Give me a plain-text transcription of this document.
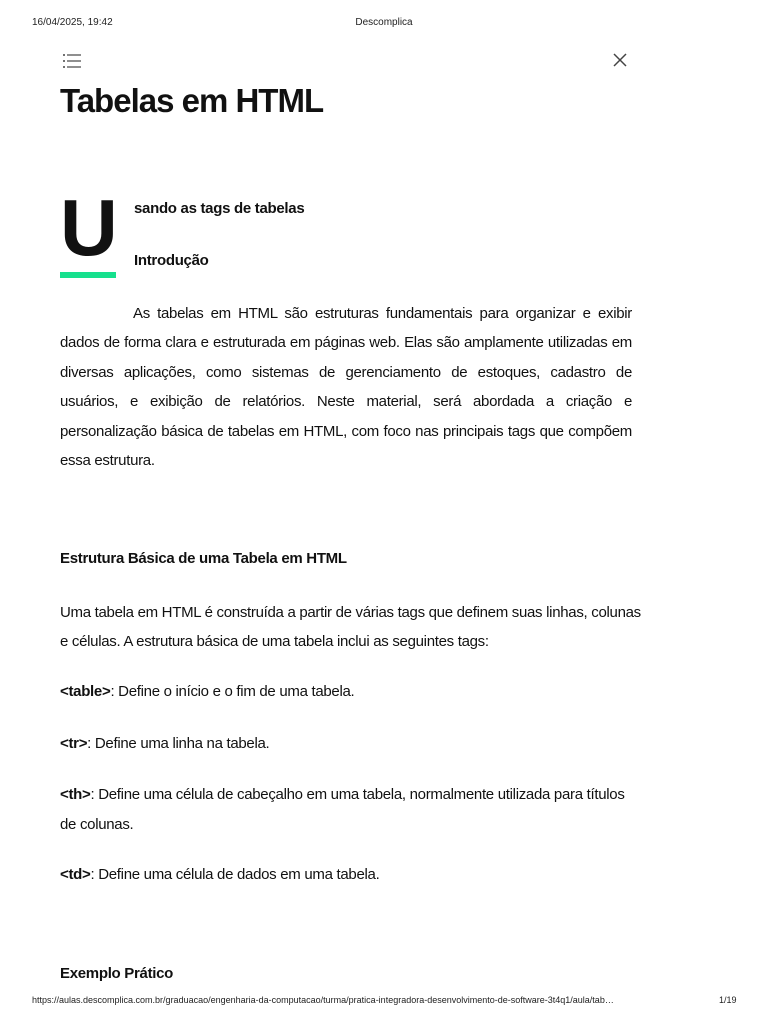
16/04/2025, 19:42	Descomplica
Tabelas em HTML
U sando as tags de tabelas
Introdução

As tabelas em HTML são estruturas fundamentais para organizar e exibir dados de forma clara e estruturada em páginas web. Elas são amplamente utilizadas em diversas aplicações, como sistemas de gerenciamento de estoques, cadastro de usuários, e exibição de relatórios. Neste material, será abordada a criação e personalização básica de tabelas em HTML, com foco nas principais tags que compõem essa estrutura.

Estrutura Básica de uma Tabela em HTML

Uma tabela em HTML é construída a partir de várias tags que definem suas linhas, colunas e células. A estrutura básica de uma tabela inclui as seguintes tags:

<table>: Define o início e o fim de uma tabela.

<tr>: Define uma linha na tabela.

<th>: Define uma célula de cabeçalho em uma tabela, normalmente utilizada para títulos de colunas.

<td>: Define uma célula de dados em uma tabela.

Exemplo Prático
https://aulas.descomplica.com.br/graduacao/engenharia-da-computacao/turma/pratica-integradora-desenvolvimento-de-software-3t4q1/aula/tab…	1/19
